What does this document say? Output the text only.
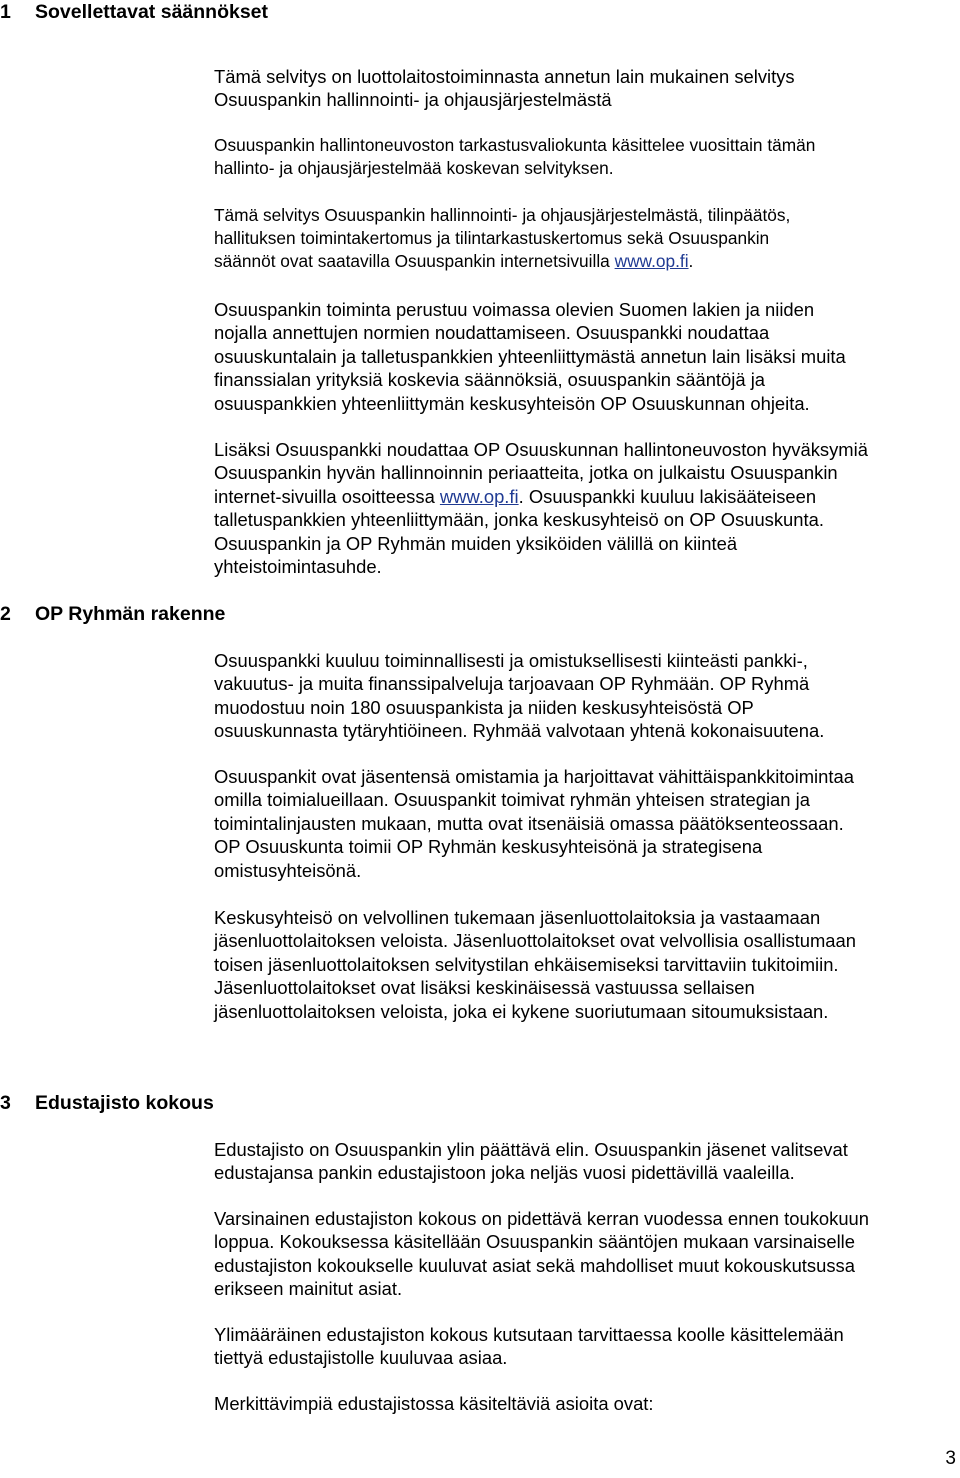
1 Sovellettavat säännökset

Tämä selvitys on luottolaitostoiminnasta annetun lain mukainen selvitys
Osuuspankin hallinnointi- ja ohjausjärjestelmästä

Osuuspankin hallintoneuvoston tarkastusvaliokunta käsittelee vuosittain tämän
hallinto- ja ohjausjärjestelmää koskevan selvityksen.

Tämä selvitys Osuuspankin hallinnointi- ja ohjausjärjestelmästä, tilinpäätös,
hallituksen toimintakertomus ja tilintarkastuskertomus sekä Osuuspankin
säännöt ovat saatavilla Osuuspankin internetsivuilla www.op.fi.

Osuuspankin toiminta perustuu voimassa olevien Suomen lakien ja niiden
nojalla annettujen normien noudattamiseen. Osuuspankki noudattaa
osuuskuntalain ja talletuspankkien yhteenliittymästä annetun lain lisäksi muita
finanssialan yrityksiä koskevia säännöksiä, osuuspankin sääntöjä ja
osuuspankkien yhteenliittymän keskusyhteisön OP Osuuskunnan ohjeita.

Lisäksi Osuuspankki noudattaa OP Osuuskunnan hallintoneuvoston hyväksymiä
Osuuspankin hyvän hallinnoinnin periaatteita, jotka on julkaistu Osuuspankin
internet-sivuilla osoitteessa www.op.fi. Osuuspankki kuuluu lakisääteiseen
talletuspankkien yhteenliittymään, jonka keskusyhteisö on OP Osuuskunta.
Osuuspankin ja OP Ryhmän muiden yksiköiden välillä on kiinteä
yhteistoimintasuhde.

2 OP Ryhmän rakenne

Osuuspankki kuuluu toiminnallisesti ja omistuksellisesti kiinteästi pankki-,
vakuutus- ja muita finanssipalveluja tarjoavaan OP Ryhmään. OP Ryhmä
muodostuu noin 180 osuuspankista ja niiden keskusyhteisöstä OP
osuuskunnasta tytäryhtiöineen. Ryhmää valvotaan yhtenä kokonaisuutena.

Osuuspankit ovat jäsentensä omistamia ja harjoittavat vähittäispankkitoimintaa
omilla toimialueillaan. Osuuspankit toimivat ryhmän yhteisen strategian ja
toimintalinjausten mukaan, mutta ovat itsenäisiä omassa päätöksenteossaan.
OP Osuuskunta toimii OP Ryhmän keskusyhteisönä ja strategisena
omistusyhteisönä.

Keskusyhteisö on velvollinen tukemaan jäsenluottolaitoksia ja vastaamaan
jäsenluottolaitoksen veloista. Jäsenluottolaitokset ovat velvollisia osallistumaan
toisen jäsenluottolaitoksen selvitystilan ehkäisemiseksi tarvittaviin tukitoimiin.
Jäsenluottolaitokset ovat lisäksi keskinäisessä vastuussa sellaisen
jäsenluottolaitoksen veloista, joka ei kykene suoriutumaan sitoumuksistaan.

3 Edustajisto kokous

Edustajisto on Osuuspankin ylin päättävä elin. Osuuspankin jäsenet valitsevat
edustajansa pankin edustajistoon joka neljäs vuosi pidettävillä vaaleilla.

Varsinainen edustajiston kokous on pidettävä kerran vuodessa ennen toukokuun
loppua. Kokouksessa käsitellään Osuuspankin sääntöjen mukaan varsinaiselle
edustajiston kokoukselle kuuluvat asiat sekä mahdolliset muut kokouskutsussa
erikseen mainitut asiat.

Ylimääräinen edustajiston kokous kutsutaan tarvittaessa koolle käsittelemään
tiettyä edustajistolle kuuluvaa asiaa.

Merkittävimpiä edustajistossa käsiteltäviä asioita ovat:

3
